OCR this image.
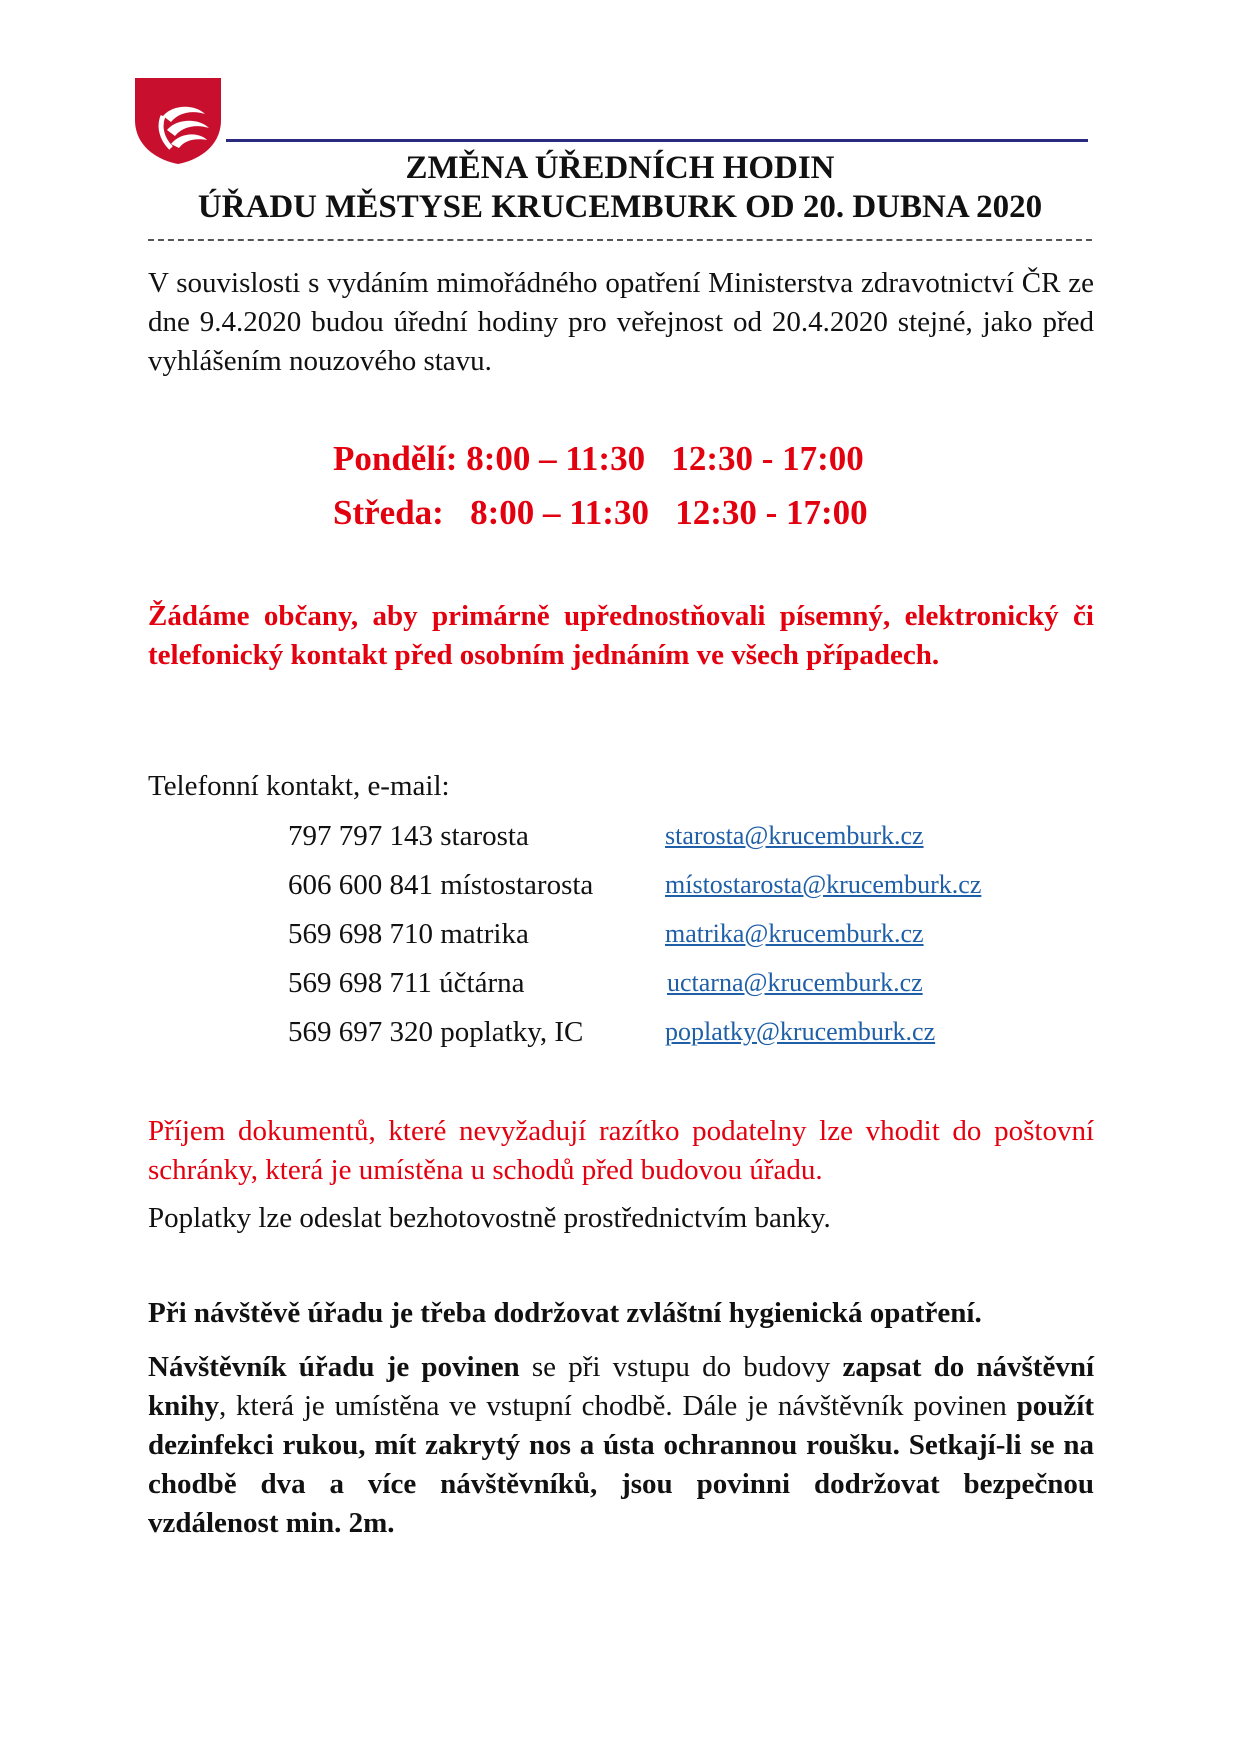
ZMĚNA ÚŘEDNÍCH HODIN
ÚŘADU MĚSTYSE KRUCEMBURK OD 20. DUBNA 2020
V souvislosti s vydáním mimořádného opatření Ministerstva zdravotnictví ČR ze dne 9.4.2020 budou úřední hodiny pro veřejnost od 20.4.2020 stejné, jako před vyhlášením nouzového stavu.
Pondělí: 8:00 – 11:30 12:30 - 17:00
Středa: 8:00 – 11:30 12:30 - 17:00
Žádáme občany, aby primárně upřednostňovali písemný, elektronický či telefonický kontakt před osobním jednáním ve všech případech.
Telefonní kontakt, e-mail:
797 797 143 starosta	starosta@krucemburk.cz
606 600 841 místostarosta	místostarosta@krucemburk.cz
569 698 710 matrika	matrika@krucemburk.cz
569 698 711 účtárna	uctarna@krucemburk.cz
569 697 320 poplatky, IC	poplatky@krucemburk.cz
Příjem dokumentů, které nevyžadují razítko podatelny lze vhodit do poštovní schránky, která je umístěna u schodů před budovou úřadu.
Poplatky lze odeslat bezhotovostně prostřednictvím banky.
Při návštěvě úřadu je třeba dodržovat zvláštní hygienická opatření.
Návštěvník úřadu je povinen se při vstupu do budovy zapsat do návštěvní knihy, která je umístěna ve vstupní chodbě. Dále je návštěvník povinen použít dezinfekci rukou, mít zakrytý nos a ústa ochrannou roušku. Setkají-li se na chodbě dva a více návštěvníků, jsou povinni dodržovat bezpečnou vzdálenost min. 2m.
